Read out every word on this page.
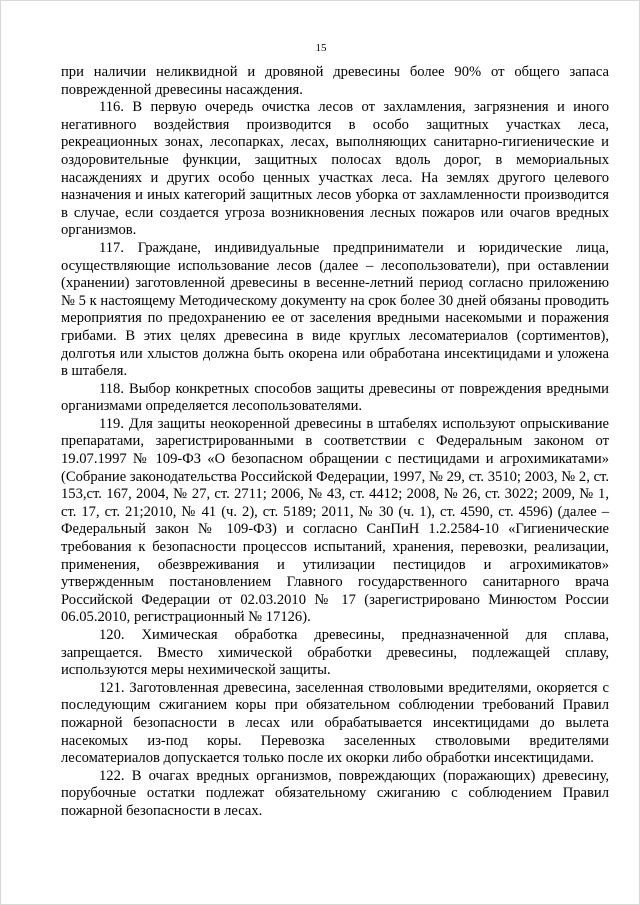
15

при наличии неликвидной и дровяной древесины более 90% от общего запаса поврежденной древесины насаждения.

116. В первую очередь очистка лесов от захламления, загрязнения и иного негативного воздействия производится в особо защитных участках леса, рекреационных зонах, лесопарках, лесах, выполняющих санитарно-гигиенические и оздоровительные функции, защитных полосах вдоль дорог, в мемориальных насаждениях и других особо ценных участках леса. На землях другого целевого назначения и иных категорий защитных лесов уборка от захламленности производится в случае, если создается угроза возникновения лесных пожаров или очагов вредных организмов.

117. Граждане, индивидуальные предприниматели и юридические лица, осуществляющие использование лесов (далее – лесопользователи), при оставлении (хранении) заготовленной древесины в весенне-летний период согласно приложению № 5 к настоящему Методическому документу на срок более 30 дней обязаны проводить мероприятия по предохранению ее от заселения вредными насекомыми и поражения грибами. В этих целях древесина в виде круглых лесоматериалов (сортиментов), долготья или хлыстов должна быть окорена или обработана инсектицидами и уложена в штабеля.

118. Выбор конкретных способов защиты древесины от повреждения вредными организмами определяется лесопользователями.

119. Для защиты неокоренной древесины в штабелях используют опрыскивание препаратами, зарегистрированными в соответствии с Федеральным законом от 19.07.1997 № 109-ФЗ «О безопасном обращении с пестицидами и агрохимикатами» (Собрание законодательства Российской Федерации, 1997, № 29, ст. 3510; 2003, № 2, ст. 153,ст. 167, 2004, № 27, ст. 2711; 2006, № 43, ст. 4412; 2008, № 26, ст. 3022; 2009, № 1, ст. 17, ст. 21;2010, № 41 (ч. 2), ст. 5189; 2011, № 30 (ч. 1), ст. 4590, ст. 4596) (далее – Федеральный закон № 109-ФЗ) и согласно СанПиН 1.2.2584-10 «Гигиенические требования к безопасности процессов испытаний, хранения, перевозки, реализации, применения, обезвреживания и утилизации пестицидов и агрохимикатов» утвержденным постановлением Главного государственного санитарного врача Российской Федерации от 02.03.2010 № 17 (зарегистрировано Минюстом России 06.05.2010, регистрационный № 17126).

120. Химическая обработка древесины, предназначенной для сплава, запрещается. Вместо химической обработки древесины, подлежащей сплаву, используются меры нехимической защиты.

121. Заготовленная древесина, заселенная стволовыми вредителями, окоряется с последующим сжиганием коры при обязательном соблюдении требований Правил пожарной безопасности в лесах или обрабатывается инсектицидами до вылета насекомых из-под коры. Перевозка заселенных стволовыми вредителями лесоматериалов допускается только после их окорки либо обработки инсектицидами.

122. В очагах вредных организмов, повреждающих (поражающих) древесину, порубочные остатки подлежат обязательному сжиганию с соблюдением Правил пожарной безопасности в лесах.
